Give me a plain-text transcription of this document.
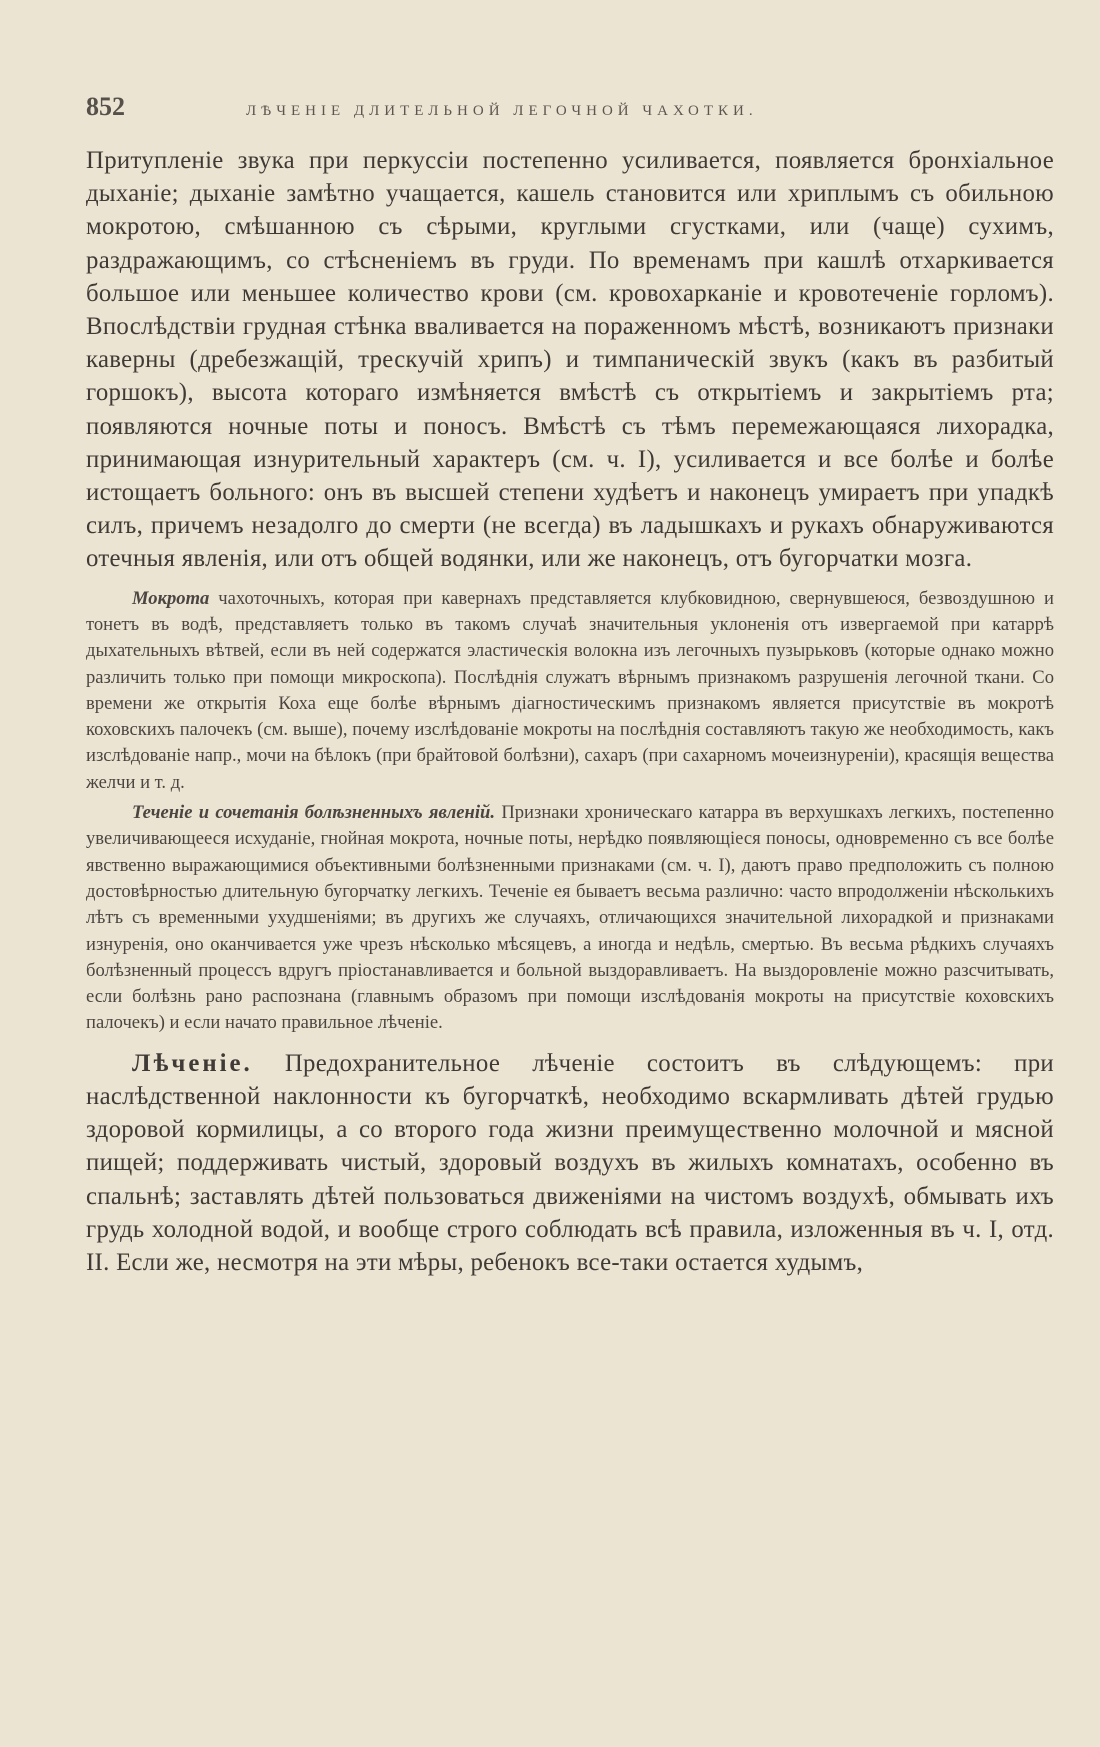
852	ЛѢЧЕНІЕ ДЛИТЕЛЬНОЙ ЛЕГОЧНОЙ ЧАХОТКИ.

Притупленіе звука при перкуссіи постепенно усиливается, появляется бронхіальное дыханіе; дыханіе замѣтно учащается, кашель становится или хриплымъ съ обильною мокротою, смѣшанною съ сѣрыми, круглыми сгустками, или (чаще) сухимъ, раздражающимъ, со стѣсненіемъ въ груди. По временамъ при кашлѣ отхаркивается большое или меньшее количество крови (см. кровохарканіе и кровотеченіе горломъ). Впослѣдствіи грудная стѣнка вваливается на пораженномъ мѣстѣ, возникаютъ признаки каверны (дребезжащій, трескучій хрипъ) и тимпаническій звукъ (какъ въ разбитый горшокъ), высота котораго измѣняется вмѣстѣ съ открытіемъ и закрытіемъ рта; появляются ночные поты и поносъ. Вмѣстѣ съ тѣмъ перемежающаяся лихорадка, принимающая изнурительный характеръ (см. ч. I), усиливается и все болѣе и болѣе истощаетъ больного: онъ въ высшей степени худѣетъ и наконецъ умираетъ при упадкѣ силъ, причемъ незадолго до смерти (не всегда) въ ладышкахъ и рукахъ обнаруживаются отечныя явленія, или отъ общей водянки, или же наконецъ, отъ бугорчатки мозга.

Мокрота чахоточныхъ, которая при кавернахъ представляется клубковидною, свернувшеюся, безвоздушною и тонетъ въ водѣ, представляетъ только въ такомъ случаѣ значительныя уклоненія отъ извергаемой при катаррѣ дыхательныхъ вѣтвей, если въ ней содержатся эластическія волокна изъ легочныхъ пузырьковъ (которые однако можно различить только при помощи микроскопа). Послѣднія служатъ вѣрнымъ признакомъ разрушенія легочной ткани. Со времени же открытія Коха еще болѣе вѣрнымъ діагностическимъ признакомъ является присутствіе въ мокротѣ коховскихъ палочекъ (см. выше), почему изслѣдованіе мокроты на послѣднія составляютъ такую же необходимость, какъ изслѣдованіе напр., мочи на бѣлокъ (при брайтовой болѣзни), сахаръ (при сахарномъ мочеизнуреніи), красящія вещества желчи и т. д.

Теченіе и сочетанія болѣзненныхъ явленій. Признаки хроническаго катарра въ верхушкахъ легкихъ, постепенно увеличивающееся исхуданіе, гнойная мокрота, ночные поты, нерѣдко появляющіеся поносы, одновременно съ все болѣе явственно выражающимися объективными болѣзненными признаками (см. ч. I), даютъ право предположить съ полною достовѣрностью длительную бугорчатку легкихъ. Теченіе ея бываетъ весьма различно: часто впродолженіи нѣсколькихъ лѣтъ съ временными ухудшеніями; въ другихъ же случаяхъ, отличающихся значительной лихорадкой и признаками изнуренія, оно оканчивается уже чрезъ нѣсколько мѣсяцевъ, а иногда и недѣль, смертью. Въ весьма рѣдкихъ случаяхъ болѣзненный процессъ вдругъ пріостанавливается и больной выздоравливаетъ. На выздоровленіе можно разсчитывать, если болѣзнь рано распознана (главнымъ образомъ при помощи изслѣдованія мокроты на присутствіе коховскихъ палочекъ) и если начато правильное лѣченіе.

Лѣченіе. Предохранительное лѣченіе состоитъ въ слѣдующемъ: при наслѣдственной наклонности къ бугорчаткѣ, необходимо вскармливать дѣтей грудью здоровой кормилицы, а со второго года жизни преимущественно молочной и мясной пищей; поддерживать чистый, здоровый воздухъ въ жилыхъ комнатахъ, особенно въ спальнѣ; заставлять дѣтей пользоваться движеніями на чистомъ воздухѣ, обмывать ихъ грудь холодной водой, и вообще строго соблюдать всѣ правила, изложенныя въ ч. I, отд. II. Если же, несмотря на эти мѣры, ребенокъ все-таки остается худымъ,
